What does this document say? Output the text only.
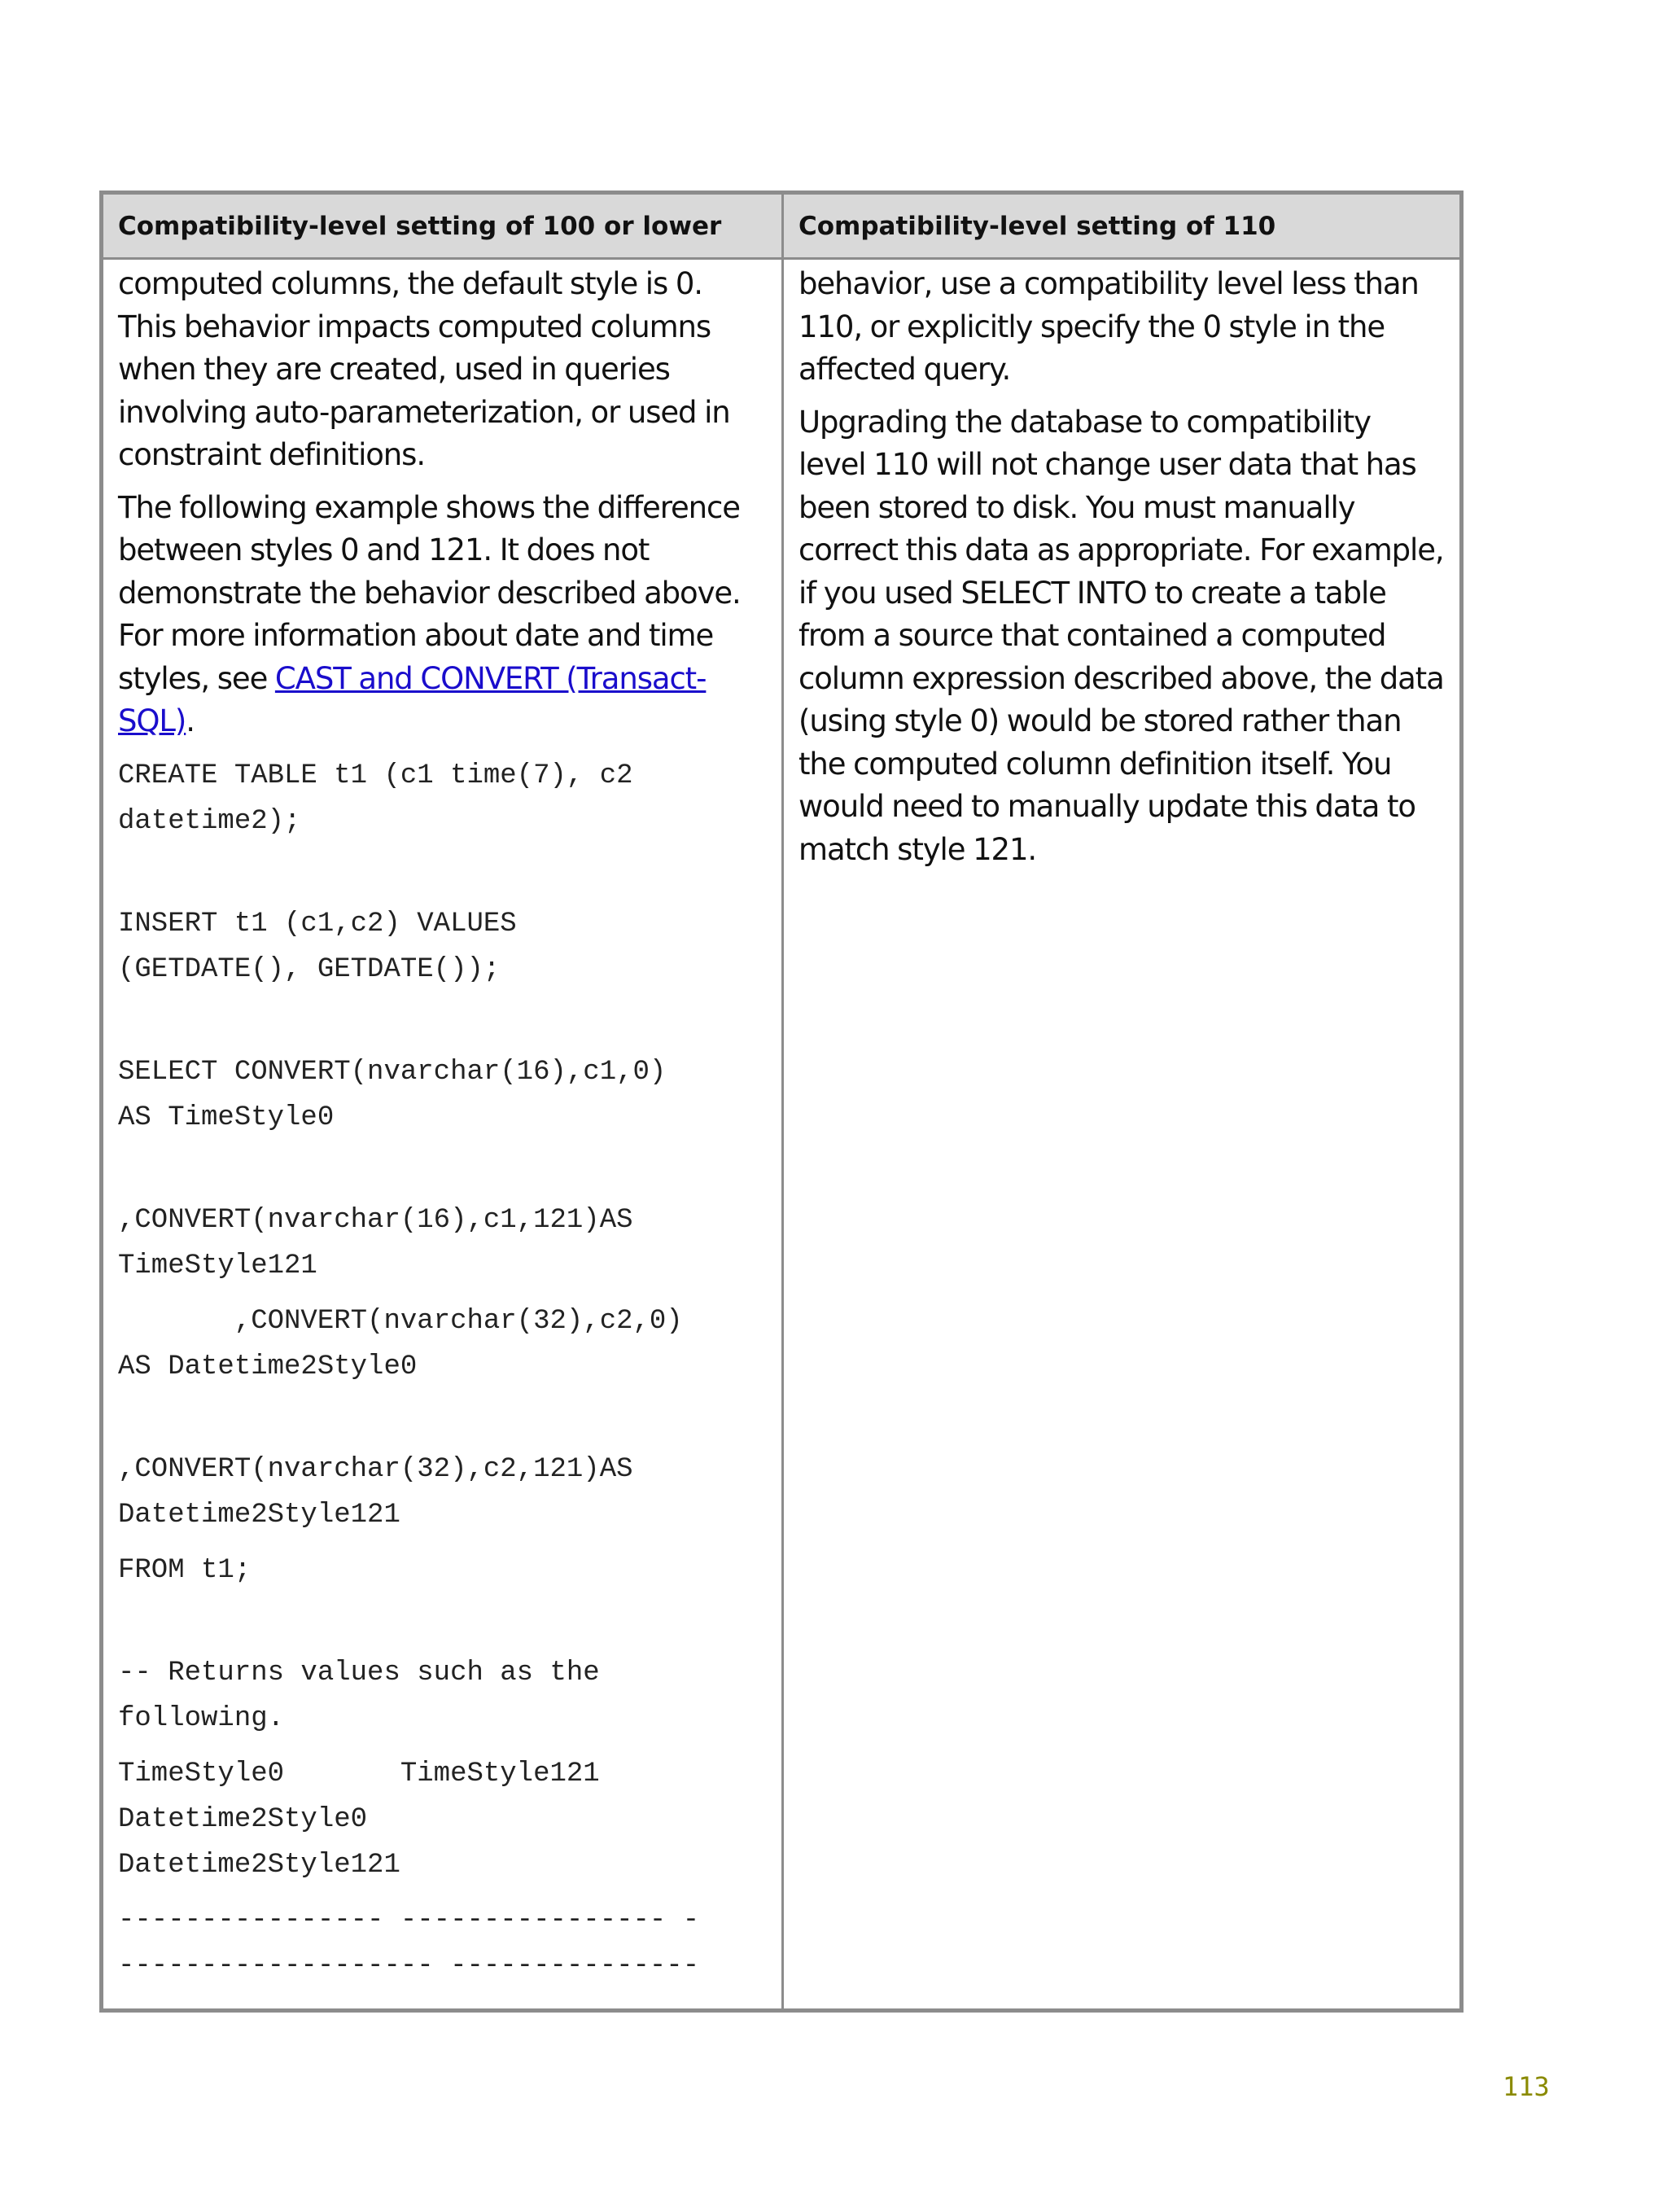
Compatibility-level setting of 100 or lower	Compatibility-level setting of 110

computed columns, the default style is 0. This behavior impacts computed columns when they are created, used in queries involving auto-parameterization, or used in constraint definitions.

The following example shows the difference between styles 0 and 121. It does not demonstrate the behavior described above. For more information about date and time styles, see CAST and CONVERT (Transact-SQL).

CREATE TABLE t1 (c1 time(7), c2
datetime2);
INSERT t1 (c1,c2) VALUES
(GETDATE(), GETDATE());
SELECT CONVERT(nvarchar(16),c1,0)
AS TimeStyle0
,CONVERT(nvarchar(16),c1,121)AS
TimeStyle121
,CONVERT(nvarchar(32),c2,0)
AS Datetime2Style0
,CONVERT(nvarchar(32),c2,121)AS
Datetime2Style121
FROM t1;
-- Returns values such as the
following.
TimeStyle0       TimeStyle121
Datetime2Style0
Datetime2Style121
---------------- ---------------- -
------------------- ---------------

behavior, use a compatibility level less than 110, or explicitly specify the 0 style in the affected query.

Upgrading the database to compatibility level 110 will not change user data that has been stored to disk. You must manually correct this data as appropriate. For example, if you used SELECT INTO to create a table from a source that contained a computed column expression described above, the data (using style 0) would be stored rather than the computed column definition itself. You would need to manually update this data to match style 121.

113
